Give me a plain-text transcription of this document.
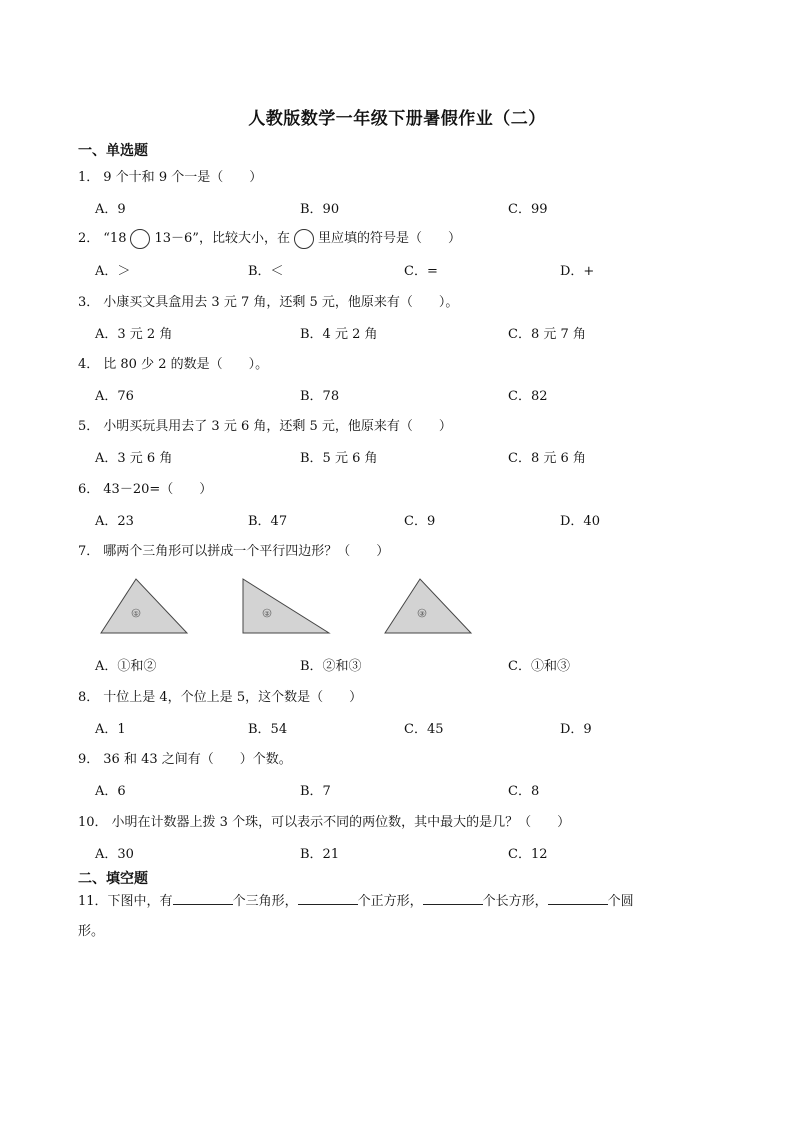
人教版数学一年级下册暑假作业（二）
一、单选题
1． 9 个十和 9 个一是（　　）
A．9	B．90	C．99
2． “18 13－6”，比较大小，在 里应填的符号是（　　）
A．＞	B．＜	C．=	D．+
3． 小康买文具盒用去 3 元 7 角，还剩 5 元，他原来有（　　）。
A．3 元 2 角	B．4 元 2 角	C．8 元 7 角
4． 比 80 少 2 的数是（　　）。
A．76	B．78	C．82
5． 小明买玩具用去了 3 元 6 角，还剩 5 元，他原来有（　　）
A．3 元 6 角	B．5 元 6 角	C．8 元 6 角
6． 43－20=（　　）
A．23	B．47	C．9	D．40
7． 哪两个三角形可以拼成一个平行四边形？（　　）
①	②	③
A．①和②	B．②和③	C．①和③
8． 十位上是 4，个位上是 5，这个数是（　　）
A．1	B．54	C．45	D．9
9． 36 和 43 之间有（　　）个数。
A．6	B．7	C．8
10． 小明在计数器上拨 3 个珠，可以表示不同的两位数，其中最大的是几？（　　）
A．30	B．21	C．12
二、填空题
11．下图中，有	个三角形，	个正方形，	个长方形，	个圆
形。
